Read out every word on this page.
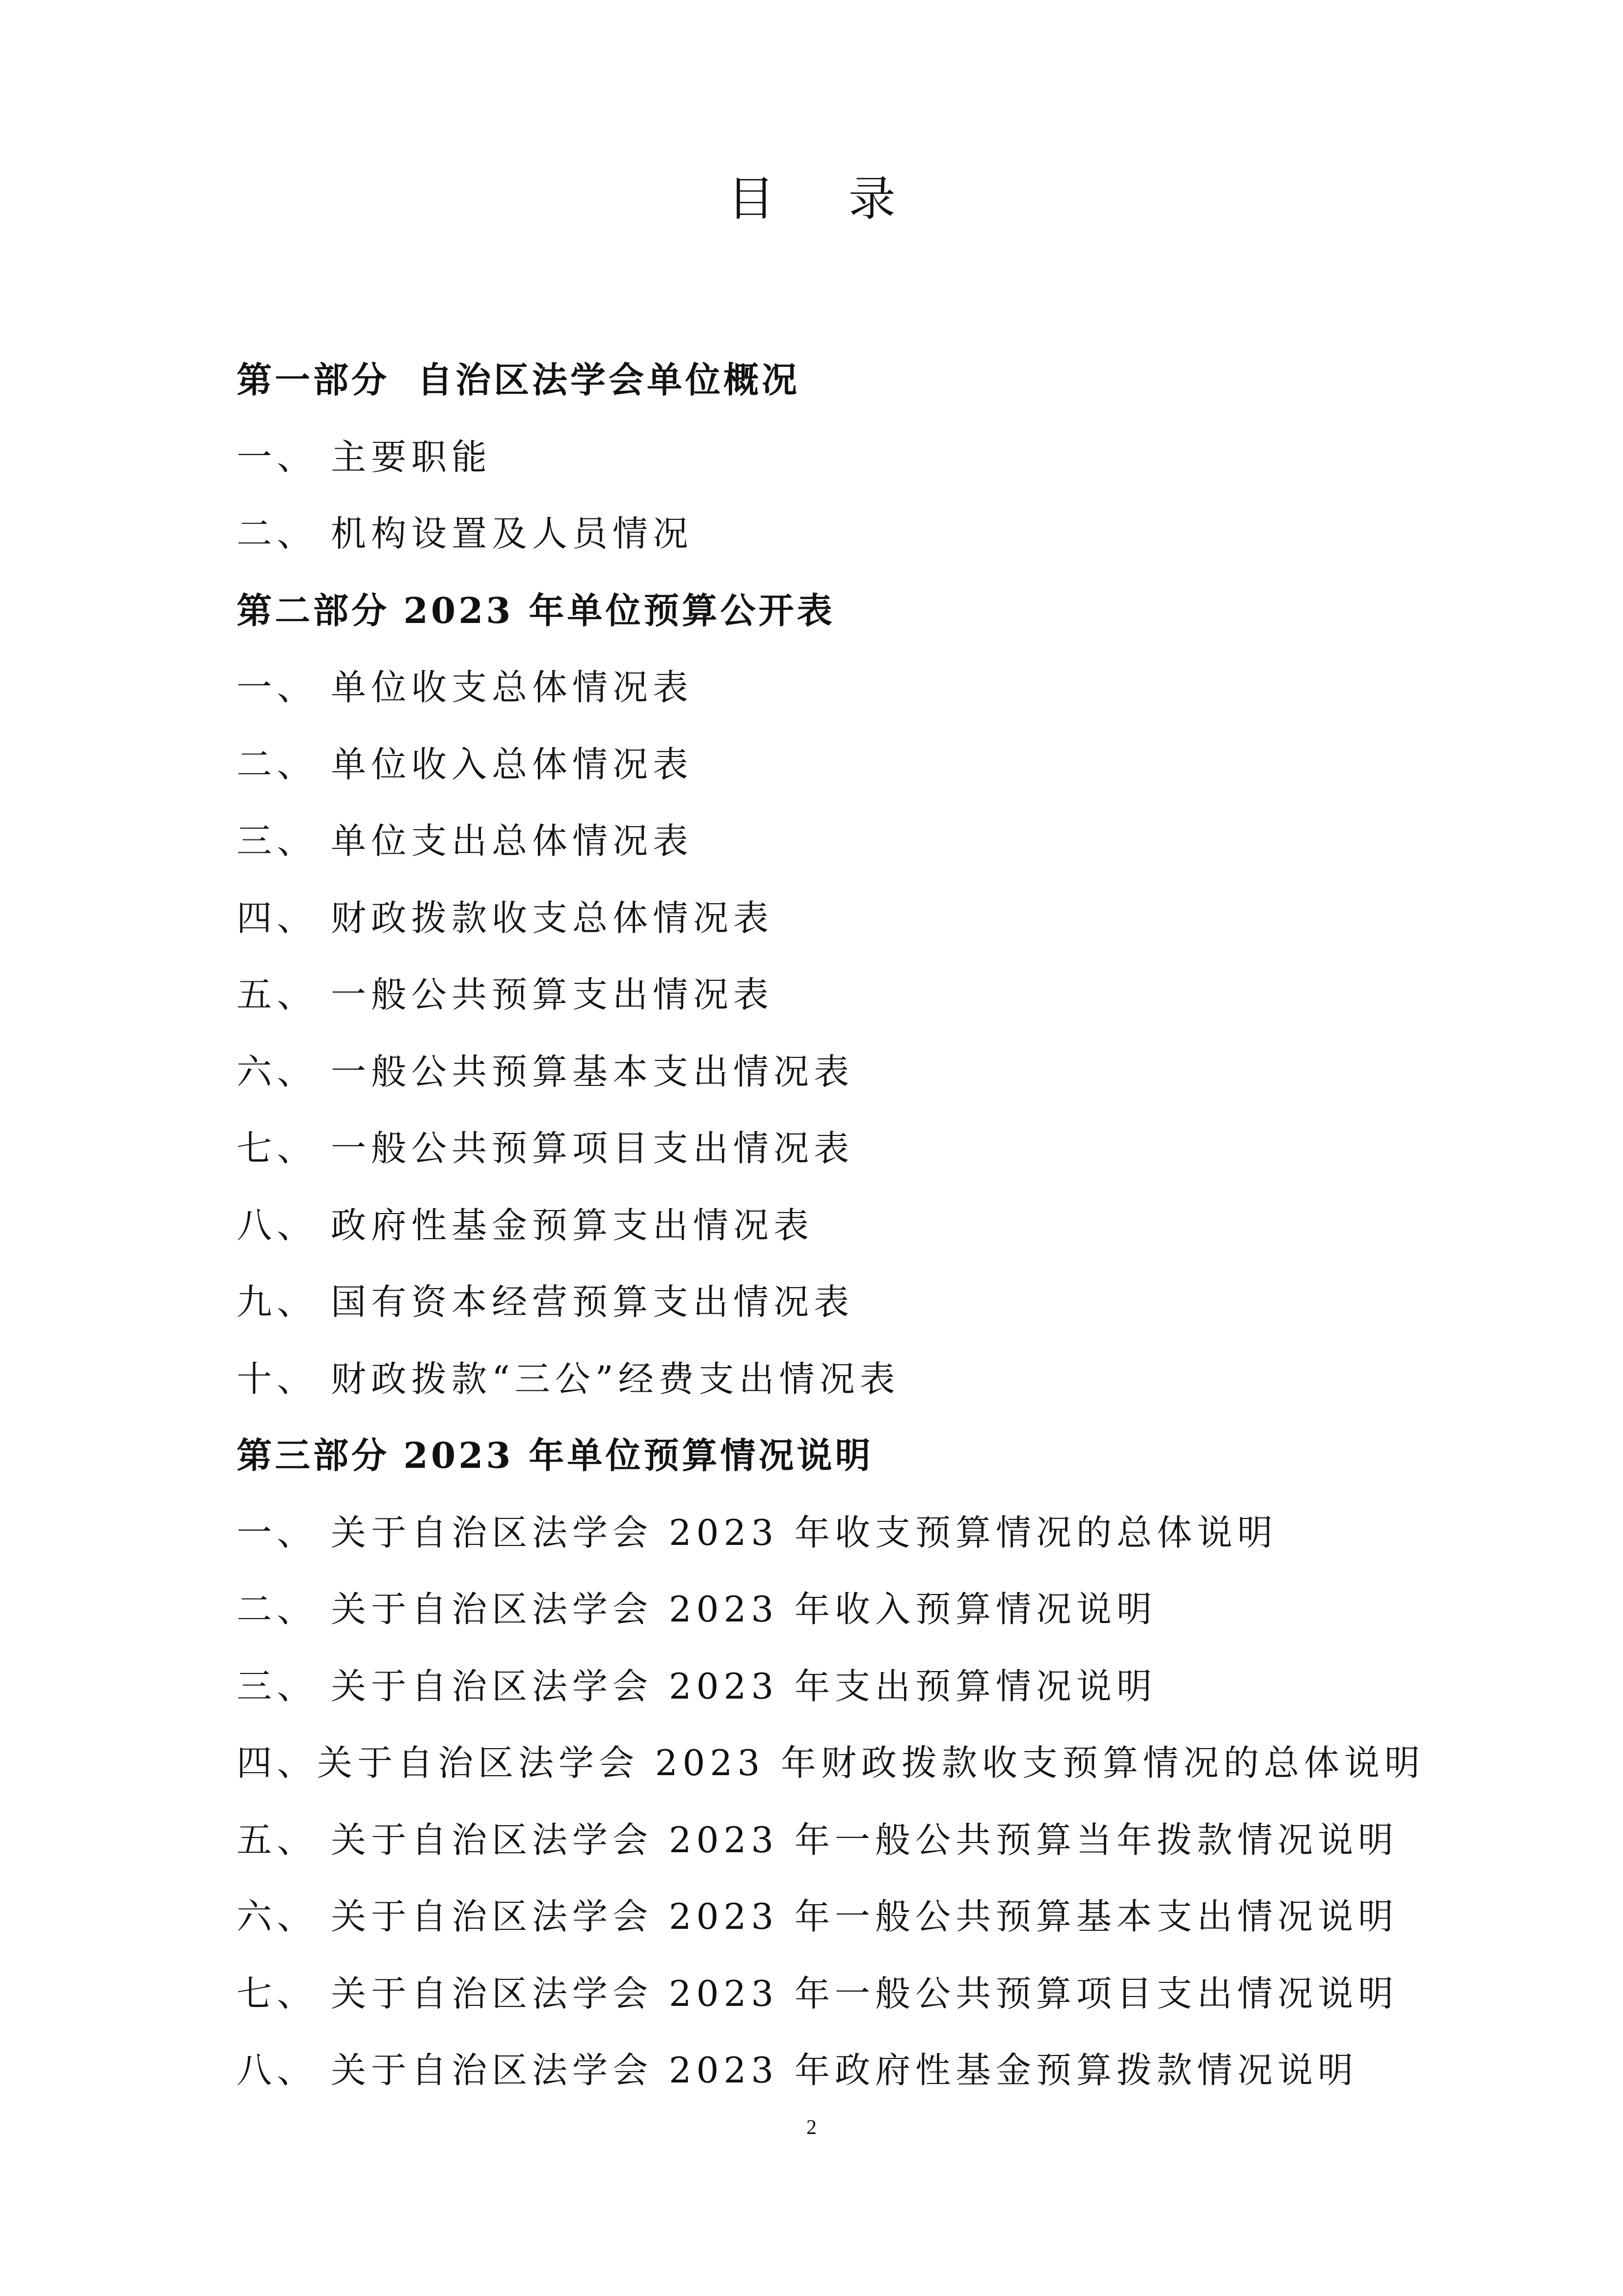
目 录
第一部分 自治区法学会单位概况
一、 主要职能
二、 机构设置及人员情况
第二部分 2023 年单位预算公开表
一、 单位收支总体情况表
二、 单位收入总体情况表
三、 单位支出总体情况表
四、 财政拨款收支总体情况表
五、 一般公共预算支出情况表
六、 一般公共预算基本支出情况表
七、 一般公共预算项目支出情况表
八、 政府性基金预算支出情况表
九、 国有资本经营预算支出情况表
十、 财政拨款“三公”经费支出情况表
第三部分 2023 年单位预算情况说明
一、 关于自治区法学会 2023 年收支预算情况的总体说明
二、 关于自治区法学会 2023 年收入预算情况说明
三、 关于自治区法学会 2023 年支出预算情况说明
四、 关于自治区法学会 2023 年财政拨款收支预算情况的总体说明
五、 关于自治区法学会 2023 年一般公共预算当年拨款情况说明
六、 关于自治区法学会 2023 年一般公共预算基本支出情况说明
七、 关于自治区法学会 2023 年一般公共预算项目支出情况说明
八、 关于自治区法学会 2023 年政府性基金预算拨款情况说明
2
